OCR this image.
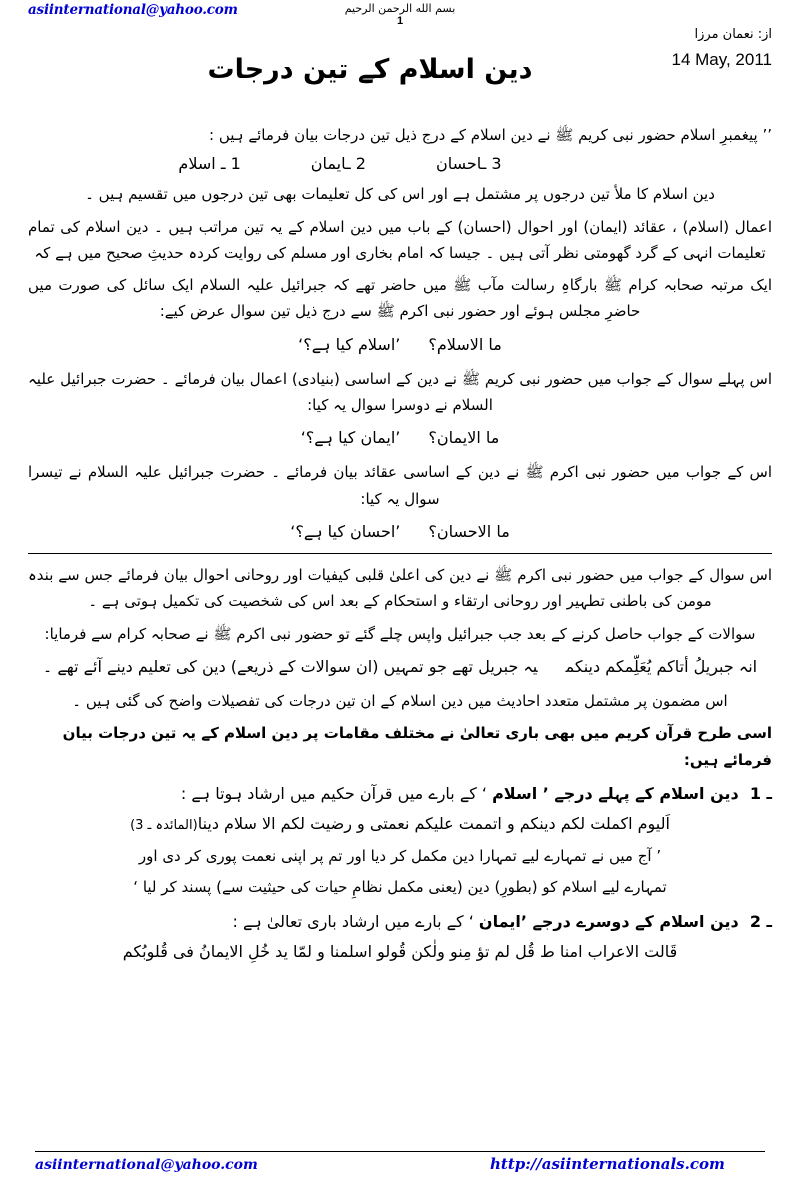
asiinternational@yahoo.com	بسم الله الرحمن الرحيم
1
از: نعمان مرزا
14 May, 2011
دین اسلام کے تین درجات

’’ پیغمبرِ اسلام حضور نبی کریم ﷺ نے دین اسلام کے درج ذیل تین درجات بیان فرمائے ہیں :

1 ـ اسلام	2 ـایمان	3 ـاحسان

دین اسلام کا ملأ تین درجوں پر مشتمل ہے اور اس کی کل تعلیمات بھی تین درجوں میں تقسیم ہیں ۔

اعمال (اسلام) ، عقائد (ایمان) اور احوال (احسان) کے باب میں دین اسلام کے یہ تین مراتب ہیں ۔ دین اسلام کی تمام تعلیمات انہی کے گرد گھومتی نظر آتی ہیں ۔ جیسا کہ امام بخاری اور مسلم کی روایت کردہ حدیثِ صحیح میں ہے کہ

ایک مرتبہ صحابہ کرام ﷺ بارگاہِ رسالت مآب ﷺ میں حاضر تھے کہ جبرائیل علیہ السلام ایک سائل کی صورت میں حاضرِ مجلس ہوئے اور حضور نبی اکرم ﷺ سے درج ذیل تین سوال عرض کیے:

ما الاسلام؟’اسلام کیا ہے؟‘

اس پہلے سوال کے جواب میں حضور نبی کریم ﷺ نے دین کے اساسی (بنیادی) اعمال بیان فرمائے ۔ حضرت جبرائیل علیہ السلام نے دوسرا سوال یہ کیا:

ما الایمان؟’ایمان کیا ہے؟‘

اس کے جواب میں حضور نبی اکرم ﷺ نے دین کے اساسی عقائد بیان فرمائے ۔ حضرت جبرائیل علیہ السلام نے تیسرا سوال یہ کیا:

ما الاحسان؟’احسان کیا ہے؟‘

اس سوال کے جواب میں حضور نبی اکرم ﷺ نے دین کی اعلیٰ قلبی کیفیات اور روحانی احوال بیان فرمائے جس سے بندہ مومن کی باطنی تطہیر اور روحانی ارتقاء و استحکام کے بعد اس کی شخصیت کی تکمیل ہوتی ہے ۔

سوالات کے جواب حاصل کرنے کے بعد جب جبرائیل واپس چلے گئے تو حضور نبی اکرم ﷺ نے صحابہ کرام سے فرمایا:

انہ جبریلُ أتاکم یُعَلِّمکم دینکمیہ جبریل تھے جو تمہیں (ان سوالات کے ذریعے) دین کی تعلیم دینے آئے تھے ۔

اس مضمون پر مشتمل متعدد احادیث میں دین اسلام کے ان تین درجات کی تفصیلات واضح کی گئی ہیں ۔

اسی طرح قرآن کریم میں بھی باری تعالیٰ نے مختلف مقامات پر دین اسلام کے یہ تین درجات بیان فرمائے ہیں:

1 ـ  دین اسلام کے پہلے درجے ’ اسلام ‘ کے بارے میں قرآن حکیم میں ارشاد ہوتا ہے :

اَلیوم اکملت لکم دینکم و اتممت علیکم نعمتی و رضیت لکم الا سلام دینا(المائدہ ـ 3)

’ آج میں نے تمہارے لیے تمہارا دین مکمل کر دیا اور تم پر اپنی نعمت پوری کر دی اور

تمہارے لیے اسلام کو (بطورِ) دین (یعنی مکمل نظامِ حیات کی حیثیت سے) پسند کر لیا ‘

2 ـ  دین اسلام کے دوسرے درجے ’ایمان ‘ کے بارے میں ارشاد باری تعالیٰ ہے :

قَالت الاعراب امنا ط قُل لم تؤ مِنو ولٰکن قُولو اسلمنا و لمّا ید خُلِ الایمانُ فی قُلوبُکم

asiinternational@yahoo.com	http://asiinternationals.com
